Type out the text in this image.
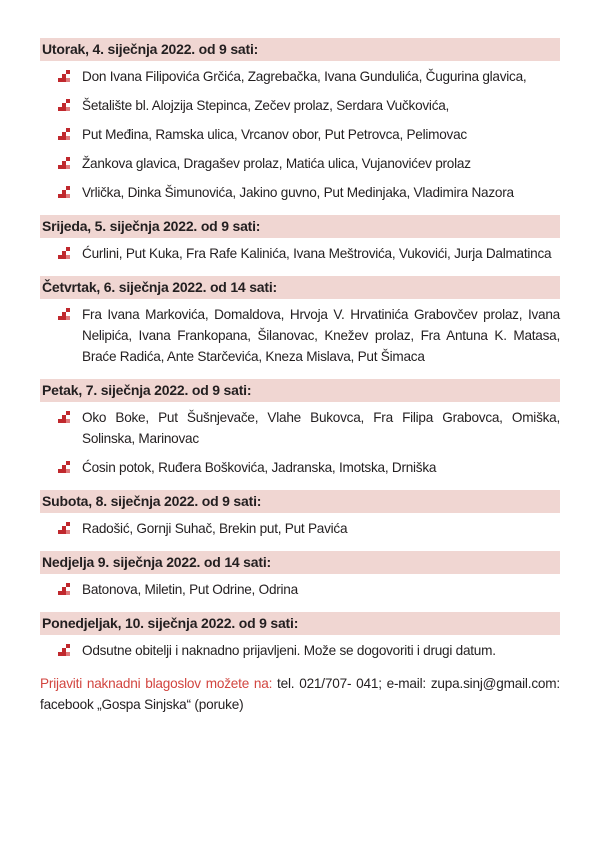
Utorak, 4. siječnja 2022. od 9 sati:
Don Ivana Filipovića Grčića, Zagrebačka, Ivana Gundulića, Čugurina glavica,
Šetalište bl. Alojzija Stepinca, Zečev prolaz, Serdara Vučkovića,
Put Međina, Ramska ulica, Vrcanov obor, Put Petrovca, Pelimovac
Žankova glavica, Dragašev prolaz, Matića ulica, Vujanovićev prolaz
Vrlička, Dinka Šimunovića, Jakino guvno, Put Medinjaka, Vladimira Nazora
Srijeda, 5. siječnja 2022. od 9 sati:
Ćurlini, Put Kuka, Fra Rafe Kalinića, Ivana Meštrovića, Vukovići, Jurja Dalmatinca
Četvrtak, 6. siječnja 2022. od 14 sati:
Fra Ivana Markovića, Domaldova, Hrvoja V. Hrvatinića Grabovčev prolaz, Ivana Nelipića, Ivana Frankopana, Šilanovac, Knežev prolaz, Fra Antuna K. Matasa, Braće Radića, Ante Starčevića, Kneza Mislava, Put Šimaca
Petak, 7. siječnja 2022. od 9 sati:
Oko Boke, Put Šušnjevače, Vlahe Bukovca, Fra Filipa Grabovca, Omiška, Solinska, Marinovac
Ćosin potok, Ruđera Boškovića, Jadranska, Imotska, Drniška
Subota, 8. siječnja 2022. od 9 sati:
Radošić, Gornji Suhač, Brekin put, Put Pavića
Nedjelja 9. siječnja 2022. od 14 sati:
Batonova, Miletin, Put Odrine, Odrina
Ponedjeljak, 10. siječnja 2022. od 9 sati:
Odsutne obitelji i naknadno prijavljeni. Može se dogovoriti i drugi datum.
Prijaviti naknadni blagoslov možete na: tel. 021/707- 041; e-mail: zupa.sinj@gmail.com: facebook „Gospa Sinjska“ (poruke)
